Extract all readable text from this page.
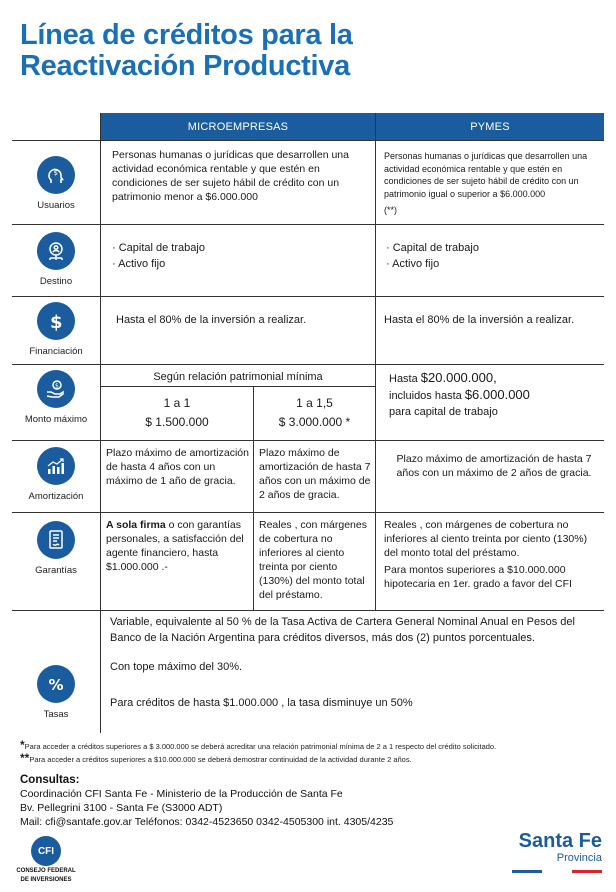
Línea de créditos para la
Reactivación Productiva
MICROEMPRESAS	PYMES
$
Usuarios
Personas humanas o jurídicas que desarrollen una actividad económica rentable y que estén en condiciones de ser sujeto hábil de crédito con un patrimonio menor a $6.000.000
Personas humanas o jurídicas que desarrollen una actividad económica rentable y que estén en condiciones de ser sujeto hábil de crédito con un patrimonio igual o superior a $6.000.000
(**)
Destino
· Capital de trabajo
· Activo fijo
· Capital de trabajo
· Activo fijo
$
Financiación
Hasta el 80% de la inversión a realizar.	Hasta el 80% de la inversión a realizar.
$
Monto máximo
Según relación patrimonial mínima
1 a 1
$ 1.500.000
1 a 1,5
$ 3.000.000 *
Hasta $20.000.000,
incluidos hasta $6.000.000
para capital de trabajo
Amortización
Plazo máximo de amortización de hasta 4 años con un máximo de 1 año de gracia.
Plazo máximo de amortización de hasta 7 años con un máximo de 2 años de gracia.
Plazo máximo de amortización de hasta 7 años con un máximo de 2 años de gracia.
Garantías
A sola firma o con garantías personales, a satisfacción del agente financiero, hasta $1.000.000 .-
Reales , con márgenes de cobertura no inferiores al ciento treinta por ciento (130%) del monto total del préstamo.
Reales , con márgenes de cobertura no inferiores al ciento treinta por ciento (130%) del monto total del préstamo.
Para montos superiores a $10.000.000 hipotecaria en 1er. grado a favor del CFI
%
Tasas
Variable, equivalente al 50 % de la Tasa Activa de Cartera General Nominal Anual en Pesos del Banco de la Nación Argentina para créditos diversos, más dos (2) puntos porcentuales.
Con tope máximo del 30%.
Para créditos de hasta $1.000.000 , la tasa disminuye un 50%
*Para acceder a créditos superiores a $ 3.000.000 se deberá acreditar una relación patrimonial mínima de 2 a 1 respecto del crédito solicitado.
**Para acceder a créditos superiores a $10.000.000 se deberá demostrar continuidad de la actividad durante 2 años.
Consultas:
Coordinación CFI Santa Fe - Ministerio de la Producción de Santa Fe
Bv. Pellegrini 3100 - Santa Fe (S3000 ADT)
Mail: cfi@santafe.gov.ar Teléfonos: 0342-4523650 0342-4505300 int. 4305/4235
CFI
CONSEJO FEDERAL
DE INVERSIONES
Santa Fe
Provincia
